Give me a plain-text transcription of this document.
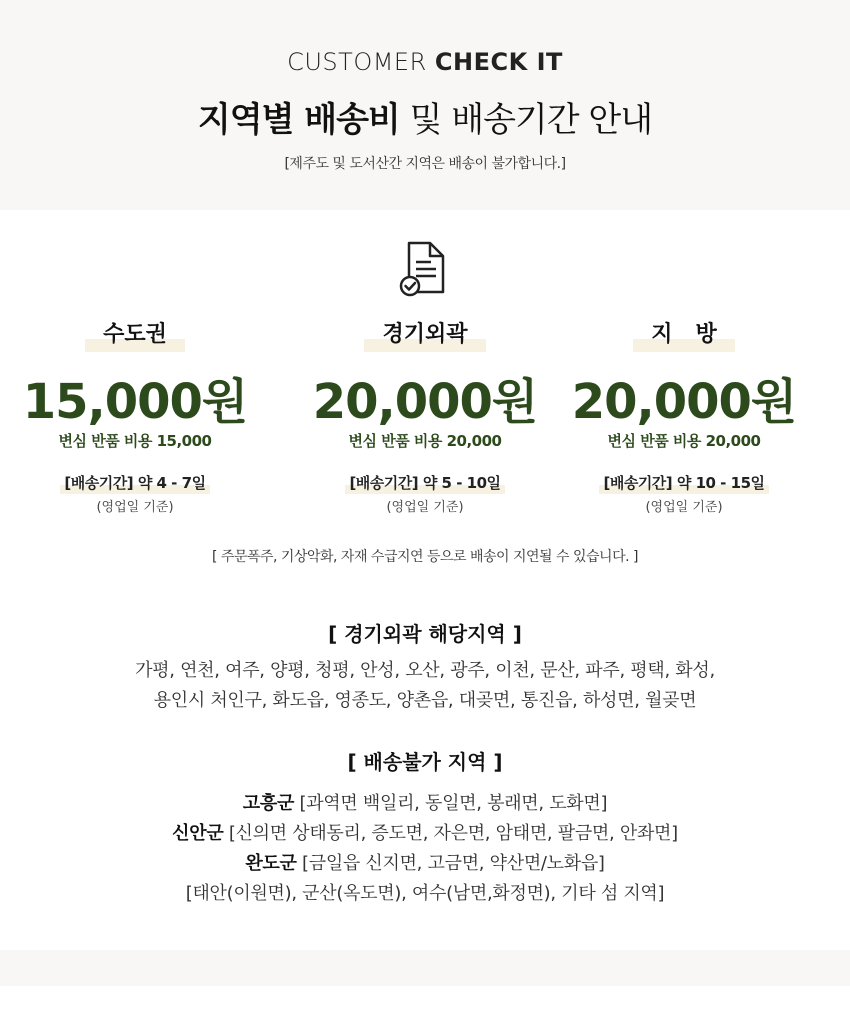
CUSTOMER CHECK IT
지역별 배송비 및 배송기간 안내
[제주도 및 도서산간 지역은 배송이 불가합니다.]
수도권
15,000원
변심 반품 비용 15,000
[배송기간] 약 4 - 7일
(영업일 기준)
경기외곽
20,000원
변심 반품 비용 20,000
[배송기간] 약 5 - 10일
(영업일 기준)
지   방
20,000원
변심 반품 비용 20,000
[배송기간] 약 10 - 15일
(영업일 기준)
[ 주문폭주, 기상악화, 자재 수급지연 등으로 배송이 지연될 수 있습니다. ]
[ 경기외곽 해당지역 ]
가평, 연천, 여주, 양평, 청평, 안성, 오산, 광주, 이천, 문산, 파주, 평택, 화성,
용인시 처인구, 화도읍, 영종도, 양촌읍, 대곶면, 통진읍, 하성면, 월곶면
[ 배송불가 지역 ]
고흥군 [과역면 백일리, 동일면, 봉래면, 도화면]
신안군 [신의면 상태동리, 증도면, 자은면, 암태면, 팔금면, 안좌면]
완도군 [금일읍 신지면, 고금면, 약산면/노화읍]
[태안(이원면), 군산(옥도면), 여수(남면,화정면), 기타 섬 지역]
